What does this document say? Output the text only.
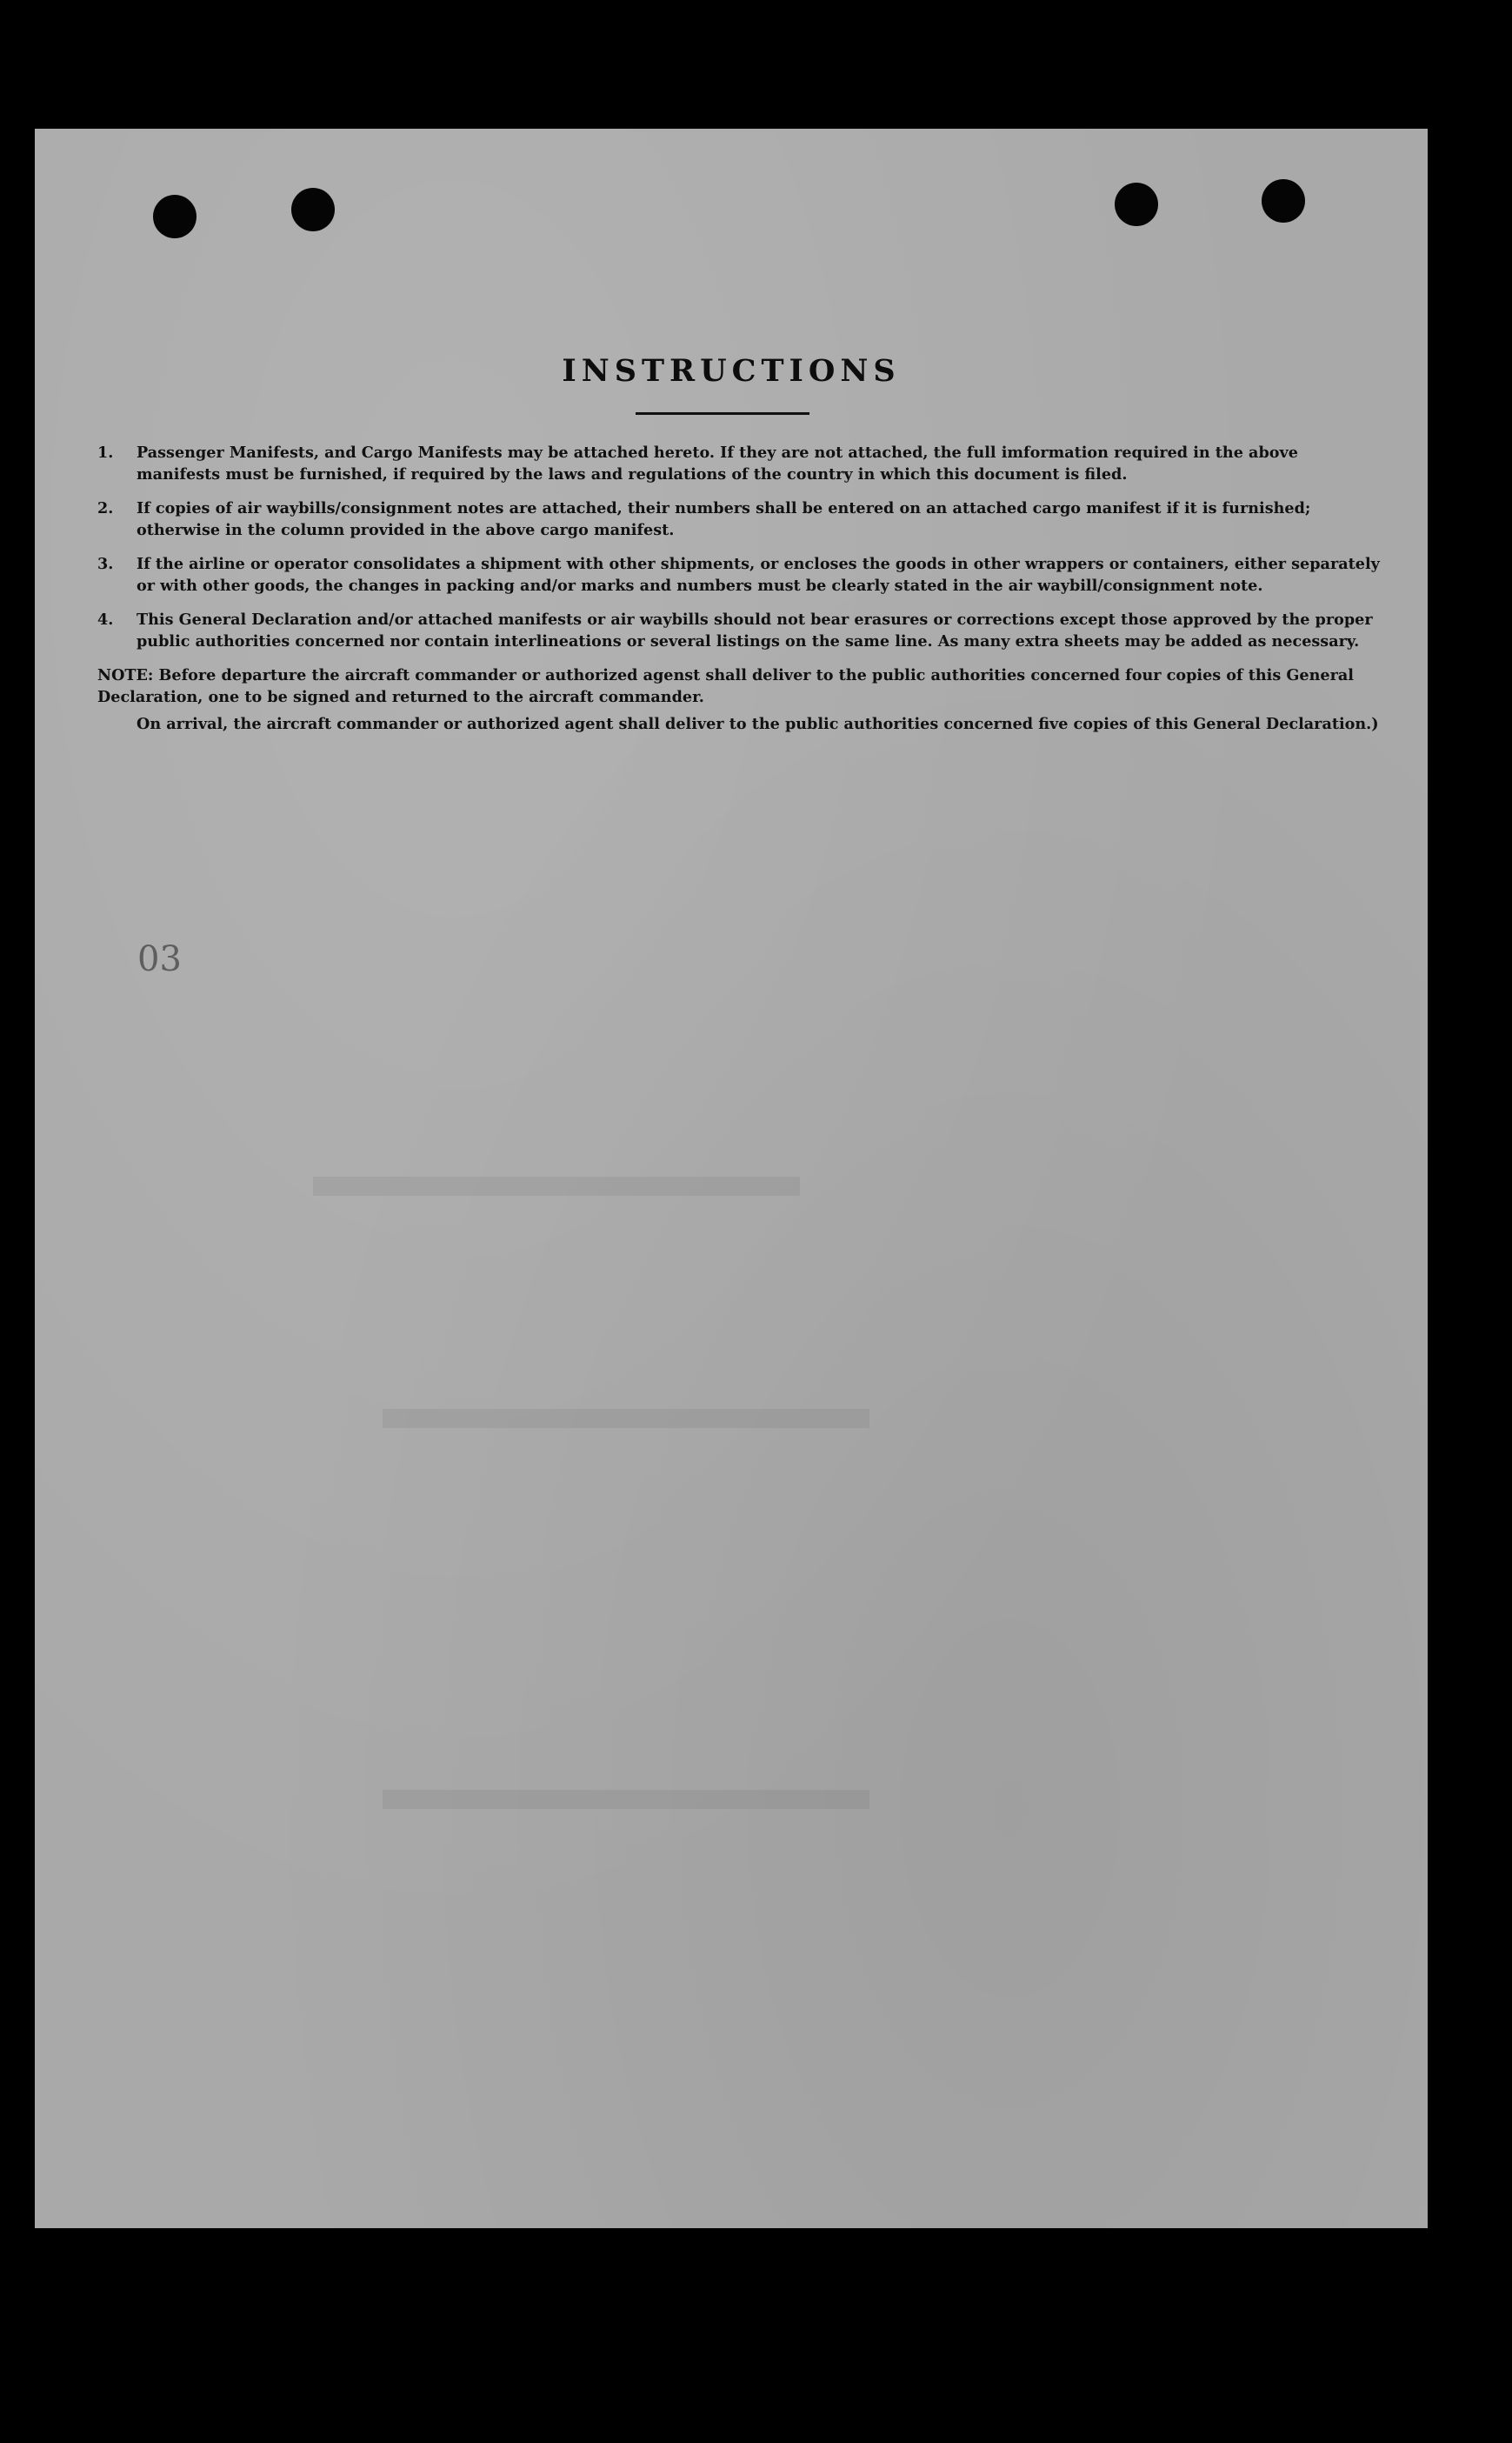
INSTRUCTIONS
1. Passenger Manifests, and Cargo Manifests may be attached hereto. If they are not attached, the full imformation required in the above manifests must be furnished, if required by the laws and regulations of the country in which this document is filed.
2. If copies of air waybills/consignment notes are attached, their numbers shall be entered on an attached cargo manifest if it is furnished; otherwise in the column provided in the above cargo manifest.
3. If the airline or operator consolidates a shipment with other shipments, or encloses the goods in other wrappers or containers, either separately or with other goods, the changes in packing and/or marks and numbers must be clearly stated in the air waybill/consignment note.
4. This General Declaration and/or attached manifests or air waybills should not bear erasures or corrections except those approved by the proper public authorities concerned nor contain interlineations or several listings on the same line. As many extra sheets may be added as necessary.
NOTE: Before departure the aircraft commander or authorized agenst shall deliver to the public authorities concerned four copies of this General Declaration, one to be signed and returned to the aircraft commander.
On arrival, the aircraft commander or authorized agent shall deliver to the public authorities concerned five copies of this General Declaration.)
03
